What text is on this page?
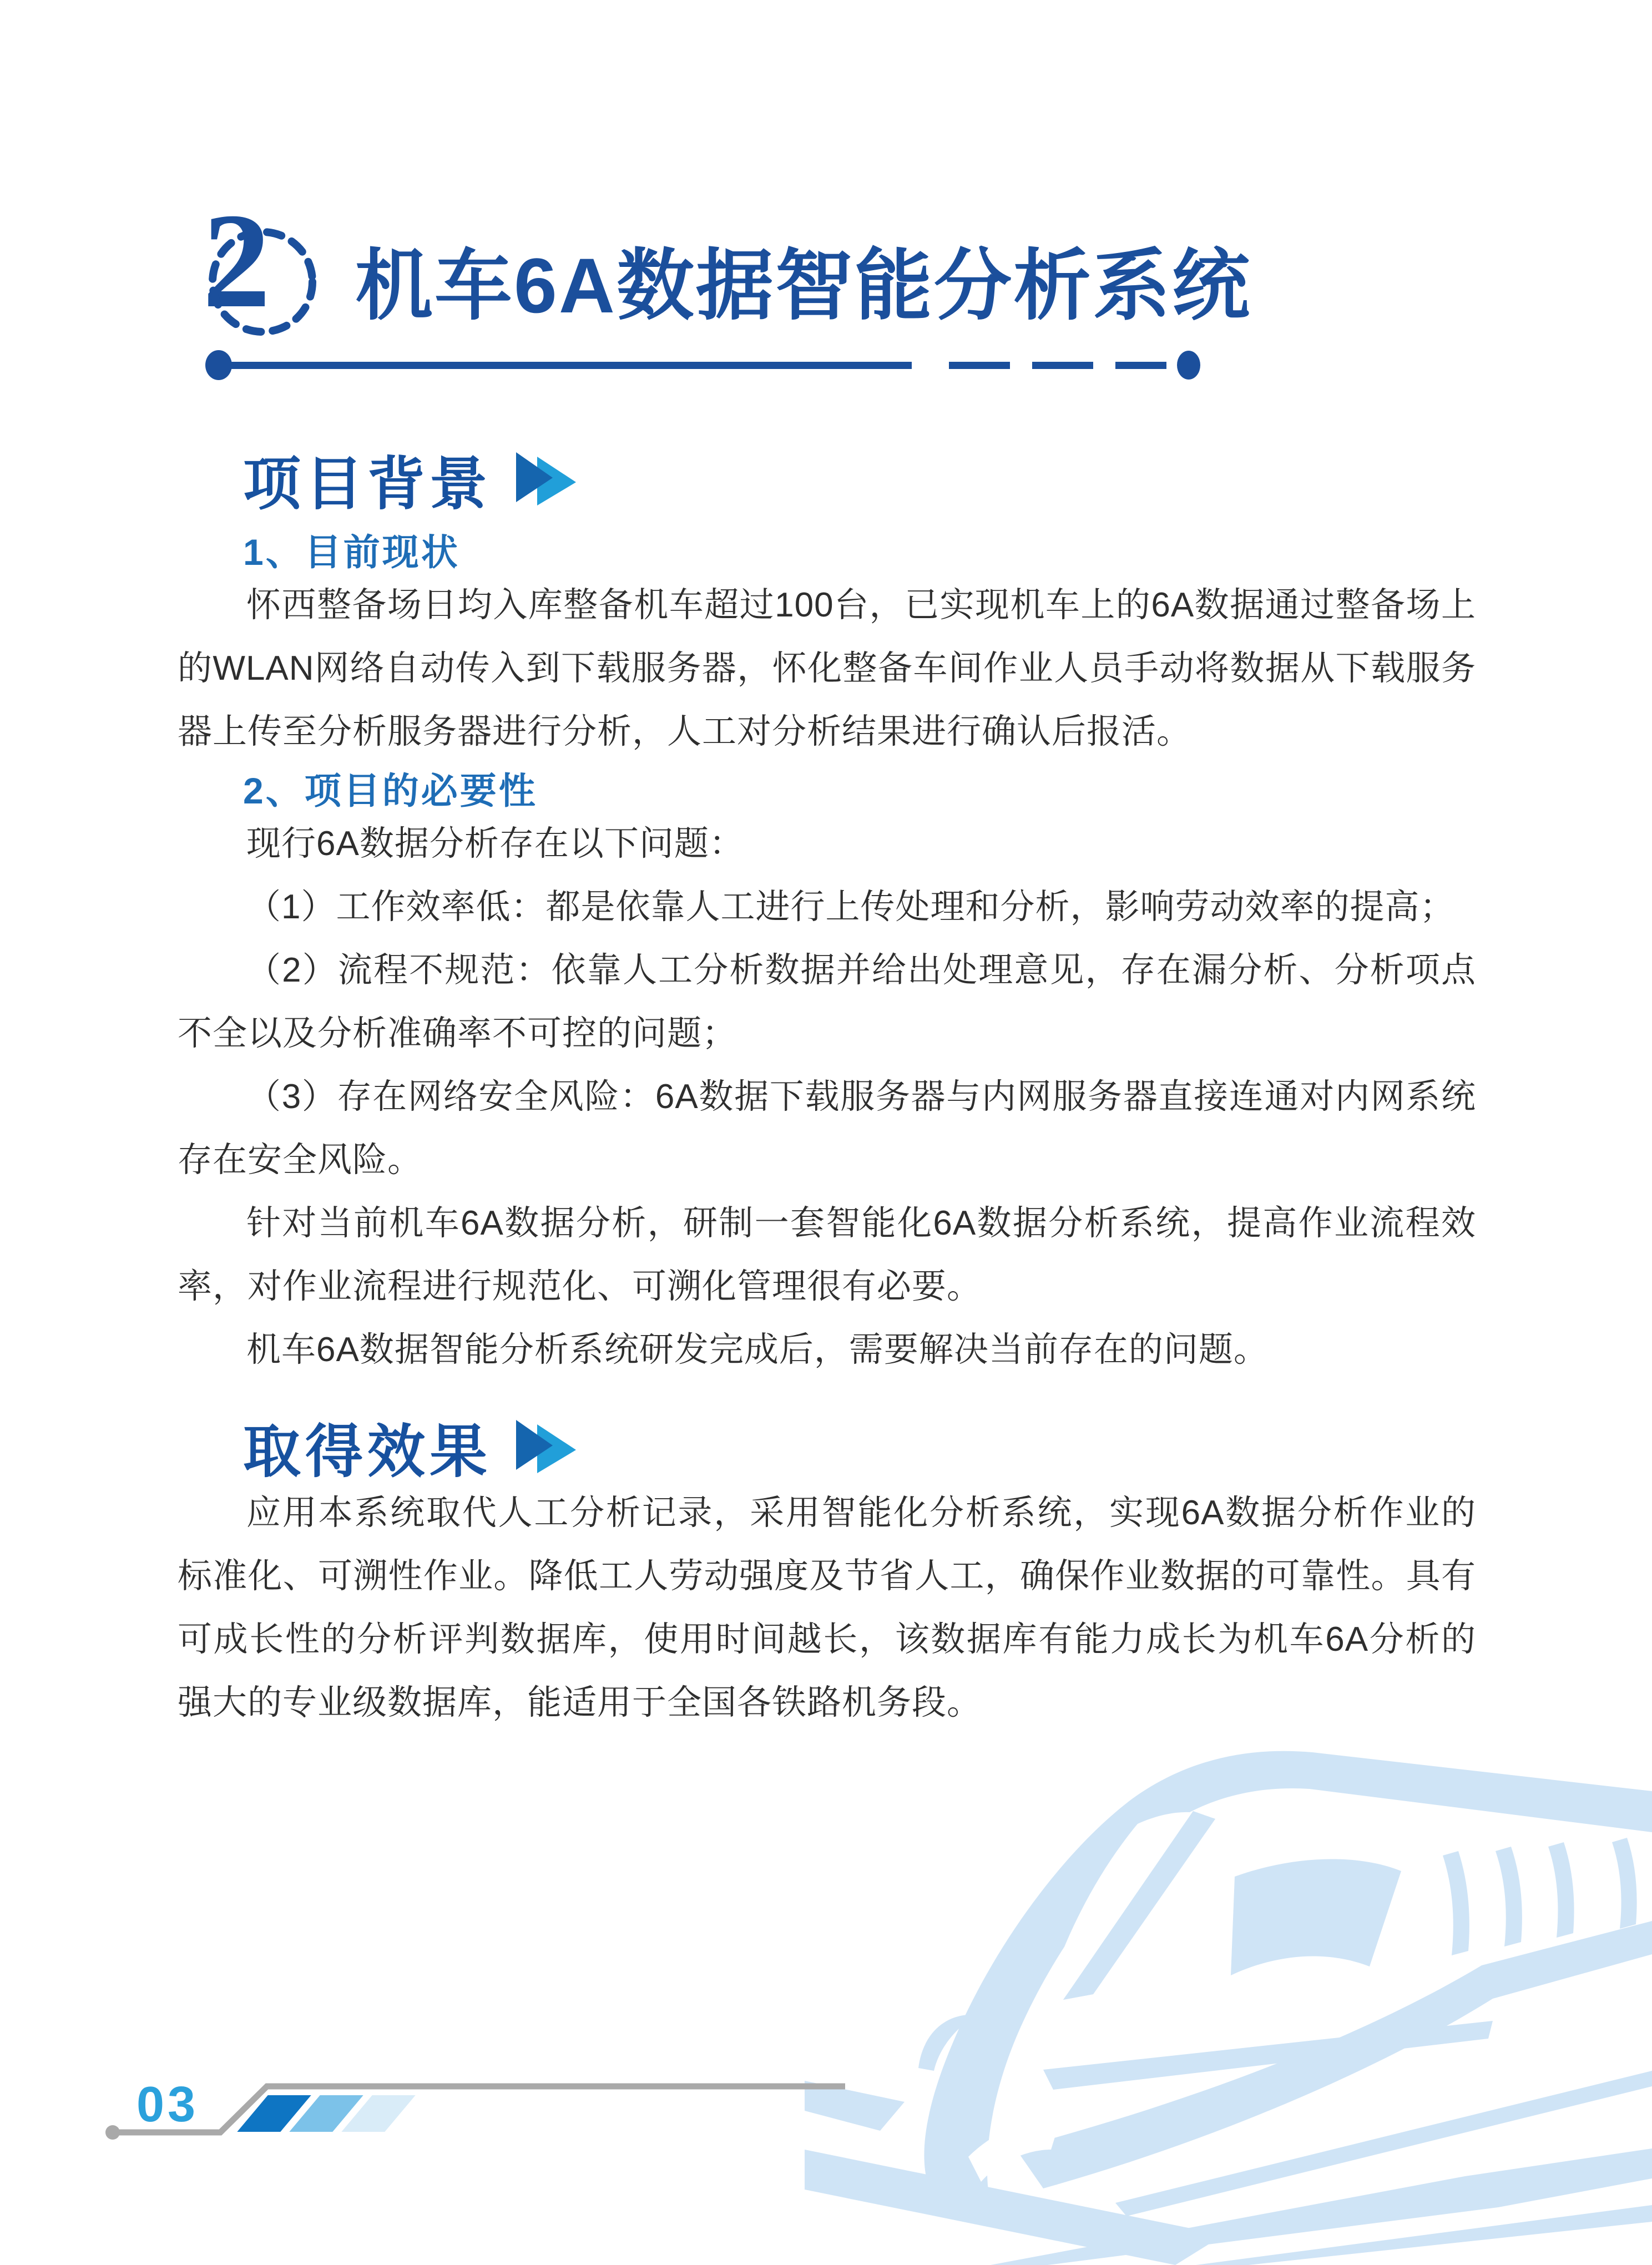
2 机车6A数据智能分析系统
项目背景
1、目前现状

怀西整备场日均入库整备机车超过100台，已实现机车上的6A数据通过整备场上的WLAN网络自动传入到下载服务器，怀化整备车间作业人员手动将数据从下载服务器上传至分析服务器进行分析，人工对分析结果进行确认后报活。

2、项目的必要性

现行6A数据分析存在以下问题：

（1）工作效率低：都是依靠人工进行上传处理和分析，影响劳动效率的提高；

（2）流程不规范：依靠人工分析数据并给出处理意见，存在漏分析、分析项点不全以及分析准确率不可控的问题；

（3）存在网络安全风险：6A数据下载服务器与内网服务器直接连通对内网系统存在安全风险。

针对当前机车6A数据分析，研制一套智能化6A数据分析系统，提高作业流程效率，对作业流程进行规范化、可溯化管理很有必要。

机车6A数据智能分析系统研发完成后，需要解决当前存在的问题。

取得效果

应用本系统取代人工分析记录，采用智能化分析系统，实现6A数据分析作业的标准化、可溯性作业。降低工人劳动强度及节省人工，确保作业数据的可靠性。具有可成长性的分析评判数据库，使用时间越长，该数据库有能力成长为机车6A分析的强大的专业级数据库，能适用于全国各铁路机务段。

03
